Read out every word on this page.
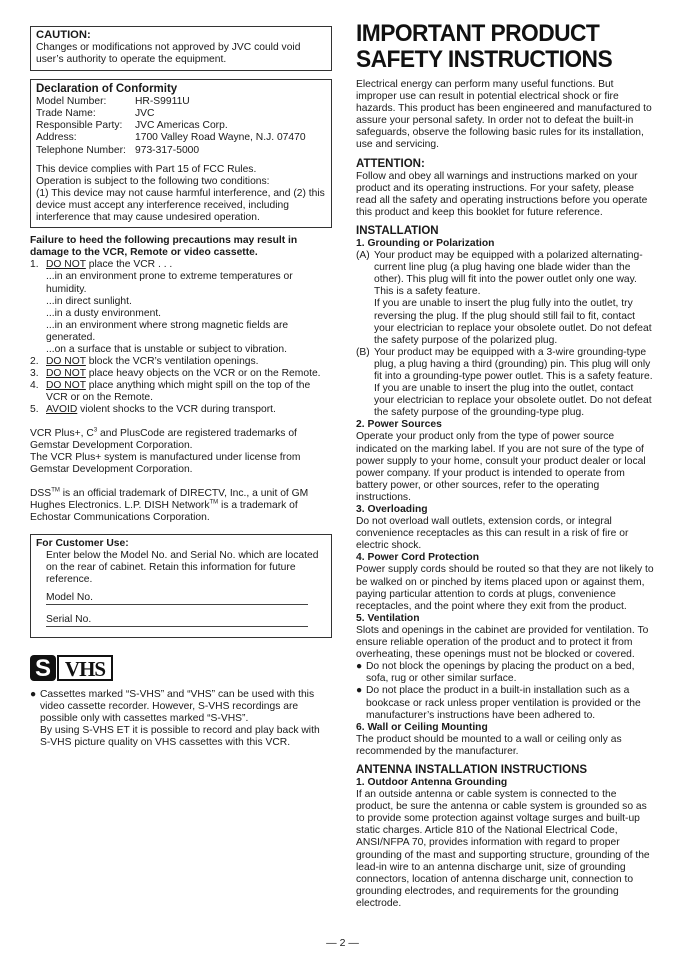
CAUTION:
Changes or modifications not approved by JVC could void user’s authority to operate the equipment.
Declaration of Conformity
Model Number:	HR-S9911U
Trade Name:	JVC
Responsible Party:	JVC Americas Corp.
Address:	1700 Valley Road Wayne, N.J. 07470
Telephone Number: 973-317-5000
This device complies with Part 15 of FCC Rules.
Operation is subject to the following two conditions:
(1) This device may not cause harmful interference, and (2) this device must accept any interference received, including interference that may cause undesired operation.
Failure to heed the following precautions may result in damage to the VCR, Remote or video cassette.
1. DO NOT place the VCR . . .
...in an environment prone to extreme temperatures or humidity.
...in direct sunlight.
...in a dusty environment.
...in an environment where strong magnetic fields are generated.
...on a surface that is unstable or subject to vibration.
2. DO NOT block the VCR’s ventilation openings.
3. DO NOT place heavy objects on the VCR or on the Remote.
4. DO NOT place anything which might spill on the top of the VCR or on the Remote.
5. AVOID violent shocks to the VCR during transport.
VCR Plus+, $C^3$ and PlusCode are registered trademarks of Gemstar Development Corporation.
The VCR Plus+ system is manufactured under license from Gemstar Development Corporation.
DSS™ is an official trademark of DIRECTV, Inc., a unit of GM Hughes Electronics. L.P. DISH Network™ is a trademark of Echostar Communications Corporation.
For Customer Use:
Enter below the Model No. and Serial No. which are located on the rear of cabinet. Retain this information for future reference.
Model No.
Serial No.
S VHS
● Cassettes marked “S-VHS” and “VHS” can be used with this video cassette recorder. However, S-VHS recordings are possible only with cassettes marked “S-VHS”.
By using S-VHS ET it is possible to record and play back with S-VHS picture quality on VHS cassettes with this VCR.
IMPORTANT PRODUCT SAFETY INSTRUCTIONS
Electrical energy can perform many useful functions. But improper use can result in potential electrical shock or fire hazards. This product has been engineered and manufactured to assure your personal safety. In order not to defeat the built-in safeguards, observe the following basic rules for its installation, use and servicing.
ATTENTION:
Follow and obey all warnings and instructions marked on your product and its operating instructions. For your safety, please read all the safety and operating instructions before you operate this product and keep this booklet for future reference.
INSTALLATION
1. Grounding or Polarization
(A) Your product may be equipped with a polarized alternating-current line plug (a plug having one blade wider than the other). This plug will fit into the power outlet only one way. This is a safety feature.
If you are unable to insert the plug fully into the outlet, try reversing the plug. If the plug should still fail to fit, contact your electrician to replace your obsolete outlet. Do not defeat the safety purpose of the polarized plug.
(B) Your product may be equipped with a 3-wire grounding-type plug, a plug having a third (grounding) pin. This plug will only fit into a grounding-type power outlet. This is a safety feature.
If you are unable to insert the plug into the outlet, contact your electrician to replace your obsolete outlet. Do not defeat the safety purpose of the grounding-type plug.
2. Power Sources
Operate your product only from the type of power source indicated on the marking label. If you are not sure of the type of power supply to your home, consult your product dealer or local power company. If your product is intended to operate from battery power, or other sources, refer to the operating instructions.
3. Overloading
Do not overload wall outlets, extension cords, or integral convenience receptacles as this can result in a risk of fire or electric shock.
4. Power Cord Protection
Power supply cords should be routed so that they are not likely to be walked on or pinched by items placed upon or against them, paying particular attention to cords at plugs, convenience receptacles, and the point where they exit from the product.
5. Ventilation
Slots and openings in the cabinet are provided for ventilation. To ensure reliable operation of the product and to protect it from overheating, these openings must not be blocked or covered.
● Do not block the openings by placing the product on a bed, sofa, rug or other similar surface.
● Do not place the product in a built-in installation such as a bookcase or rack unless proper ventilation is provided or the manufacturer’s instructions have been adhered to.
6. Wall or Ceiling Mounting
The product should be mounted to a wall or ceiling only as recommended by the manufacturer.
ANTENNA INSTALLATION INSTRUCTIONS
1. Outdoor Antenna Grounding
If an outside antenna or cable system is connected to the product, be sure the antenna or cable system is grounded so as to provide some protection against voltage surges and built-up static charges. Article 810 of the National Electrical Code, ANSI/NFPA 70, provides information with regard to proper grounding of the mast and supporting structure, grounding of the lead-in wire to an antenna discharge unit, size of grounding connectors, location of antenna discharge unit, connection to grounding electrodes, and requirements for the grounding electrode.
— 2 —
